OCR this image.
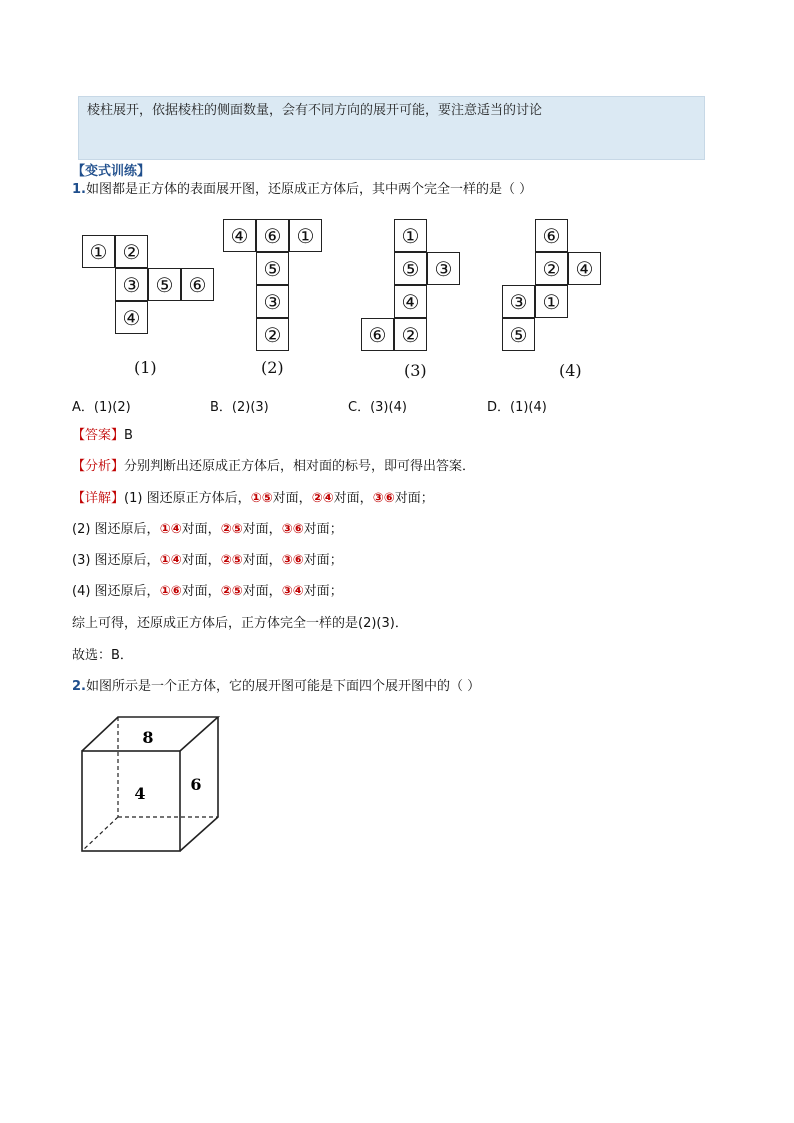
棱柱展开，依据棱柱的侧面数量，会有不同方向的展开可能，要注意适当的讨论
【变式训练】
1.如图都是正方体的表面展开图，还原成正方体后，其中两个完全一样的是（ ）
① ②
③ ⑤ ⑥
④
(1)
④ ⑥ ①
⑤
③
②
(2)
①
⑤ ③
④
⑥ ②
(3)
⑥
② ④
③ ①
⑤
(4)
A．(1)(2)	B．(2)(3)	C．(3)(4)	D．(1)(4)
【答案】B
【分析】分别判断出还原成正方体后，相对面的标号，即可得出答案．
【详解】(1) 图还原正方体后，①⑤对面，②④对面，③⑥对面；
(2) 图还原后，①④对面，②⑤对面，③⑥对面；
(3) 图还原后，①④对面，②⑤对面，③⑥对面；
(4) 图还原后，①⑥对面，②⑤对面，③④对面；
综上可得，还原成正方体后，正方体完全一样的是(2)(3)．
故选：B．
2.如图所示是一个正方体，它的展开图可能是下面四个展开图中的（ ）
8
4	6
